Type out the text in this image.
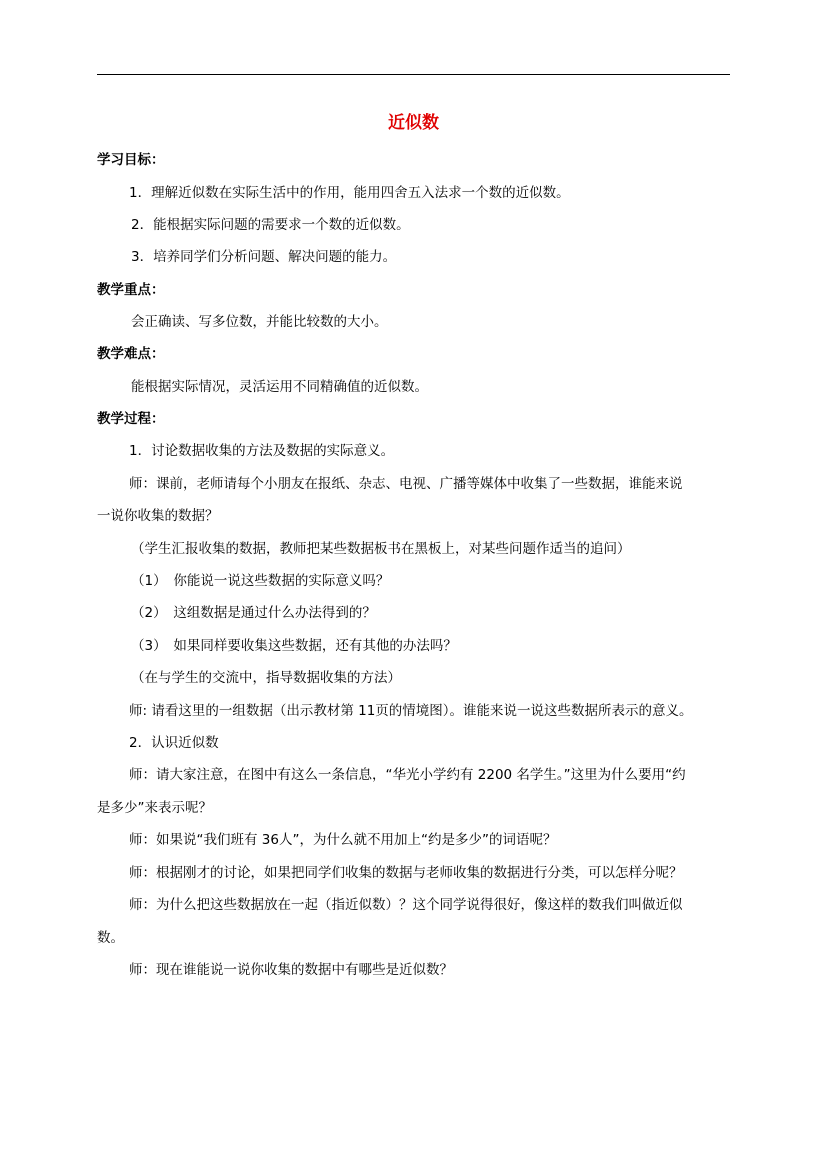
近似数
学习目标：
1．理解近似数在实际生活中的作用，能用四舍五入法求一个数的近似数。
2．能根据实际问题的需要求一个数的近似数。
3．培养同学们分析问题、解决问题的能力。
教学重点：
会正确读、写多位数，并能比较数的大小。
教学难点：
能根据实际情况，灵活运用不同精确值的近似数。
教学过程：
1．讨论数据收集的方法及数据的实际意义。
师：课前，老师请每个小朋友在报纸、杂志、电视、广播等媒体中收集了一些数据，谁能来说
一说你收集的数据？
（学生汇报收集的数据，教师把某些数据板书在黑板上，对某些问题作适当的追问）
（1）　你能说一说这些数据的实际意义吗？
（2）　这组数据是通过什么办法得到的？
（3）　如果同样要收集这些数据，还有其他的办法吗？
（在与学生的交流中，指导数据收集的方法）
师: 请看这里的一组数据（出示教材第 11页的情境图）。谁能来说一说这些数据所表示的意义。
2．认识近似数
师：请大家注意，在图中有这么一条信息，“华光小学约有 2200 名学生。”这里为什么要用“约
是多少”来表示呢？
师：如果说“我们班有 36人”，为什么就不用加上“约是多少”的词语呢？
师：根据刚才的讨论，如果把同学们收集的数据与老师收集的数据进行分类，可以怎样分呢？
师：为什么把这些数据放在一起（指近似数）？这个同学说得很好，像这样的数我们叫做近似
数。
师：现在谁能说一说你收集的数据中有哪些是近似数？
